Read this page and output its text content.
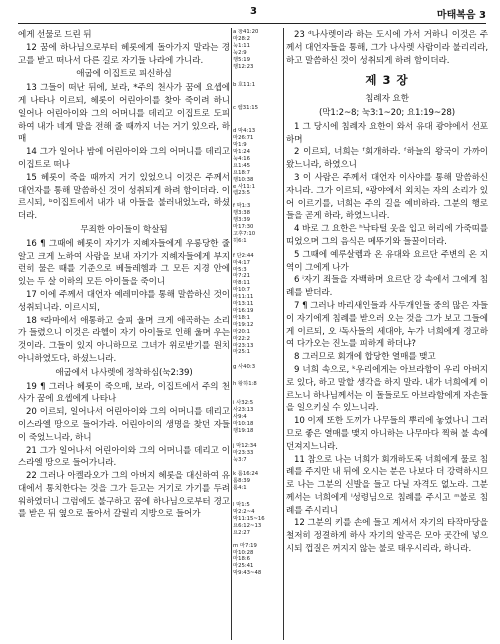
3	마태복음 3
에게 선물로 드린 뒤
12 꿈에 하나님으로부터 헤롯에게 돌아가지 말라는 경고를 받고 떠나서 다른 길로 자기들 나라에 가니라.
애굽에 이집트로 피신하심
13 그들이 떠난 뒤에, 보라, *주의 천사가 꿈에 요셉에게 나타나 이르되, 헤롯이 어린아이를 찾아 죽이려 하니 일어나 어린아이와 그의 어머니를 데리고 이집트로 도피하여 내가 네게 말을 전해 줄 때까지 너는 거기 있으라, 하매
14 그가 일어나 밤에 어린아이와 그의 어머니를 데리고 이집트로 떠나
15 헤롯이 죽을 때까지 거기 있었으니 이것은 주께서 대언자를 통해 말씀하신 것이 성취되게 하려 함이더라. 이르시되, ᵇ이집트에서 내가 내 아들을 불러내었노라, 하셨더라.
무죄한 아이들이 학살됨
16 ¶ 그때에 헤롯이 자기가 지혜자들에게 우롱당한 줄 알고 크게 노하여 사람을 보내 자기가 지혜자들에게 부지런히 물은 때를 기준으로 베들레헴과 그 모든 지경 안에 있는 두 살 이하의 모든 아이들을 죽이니
17 이에 주께서 대언자 예레미야를 통해 말씀하신 것이 성취되니라. 이르시되,
18 ᵍ라마에서 애통하고 슬피 울며 크게 애곡하는 소리가 들렸으니 이것은 라헬이 자기 아이들로 인해 울며 우는 것이라. 그들이 있지 아니하므로 그녀가 위로받기를 원치 아니하였도다, 하셨느니라.
애굽에서 나사렛에 정착하심(눅2:39)
19 ¶ 그러나 헤롯이 죽으매, 보라, 이집트에서 주의 천사가 꿈에 요셉에게 나타나
20 이르되, 일어나서 어린아이와 그의 어머니를 데리고 이스라엘 땅으로 들어가라. 어린아이의 생명을 찾던 자들이 죽었느니라, 하니
21 그가 일어나서 어린아이와 그의 어머니를 데리고 이스라엘 땅으로 들어가니라.
22 그러나 아켈라오가 그의 아버지 헤롯을 대신하여 유대에서 통치한다는 것을 그가 듣고는 거기로 가기를 두려워하였더니 그럼에도 불구하고 꿈에 하나님으로부터 경고를 받은 뒤 옆으로 돌아서 갈릴리 지방으로 들어가
a 창41:20
마28:2
눅1:11
눅2:9
행5:19
행12:23
b 호11:1
c 렘31:15
d 막4:13
마26:71
막1:9
막1:24
눅4:16
요1:45
요18:7
행10:38
e 사11:1
렘23:5
f 막1:3
행3:38
행3:39
마17:30
고후7:10
히6:1
f 단2:44
마4:17
마5:3
마7:21
마8:11
마10:7
마11:11
마13:11
마16:19
마18:1
마19:12
마20:1
마22:2
마23:13
마25:1
g 사40:3
h 왕하1:8
i 사32:5
사23:13
사9:4
마10:18
행19:18
j 막12:34
마23:33
눅3:7
k 롬16:24
롬8:39
롬4:1
l 막1:5
막2:2~4
막11:15~16
요6:12~13
요2:27
m 마7:19
마10:28
마18:6
마25:41
막9:43~48
23 ᵈ나사렛이라 하는 도시에 가서 거하니 이것은 주께서 대언자들을 통해, 그가 나사렛 사람이라 불리리라, 하고 말씀하신 것이 성취되게 하려 함이더라.
제 3 장
침례자 요한
(막1:2~8; 눅3:1~20; 요1:19~28)
1 그 당시에 침례자 요한이 와서 유대 광야에서 선포하며
2 이르되, 너희는 ᶠ회개하라. ᶠ하늘의 왕국이 가까이 왔느니라, 하였으니
3 이 사람은 주께서 대언자 이사야를 통해 말씀하신 자니라. 그가 이르되, ᵍ광야에서 외치는 자의 소리가 있어 이르기를, 너희는 주의 길을 예비하라. 그분의 행로들을 곧게 하라, 하였느니라.
4 바로 그 요한은 ʰ낙타털 옷을 입고 허리에 가죽띠를 띠었으며 그의 음식은 메뚜기와 들꿀이더라.
5 그때에 예루살렘과 온 유대와 요르단 주변의 온 지역이 그에게 나가
6 ⁱ자기 죄들을 자백하며 요르단 강 속에서 그에게 침례를 받더라.
7 ¶ 그러나 바리새인들과 사두개인들 중의 많은 자들이 자기에게 침례를 받으러 오는 것을 그가 보고 그들에게 이르되, 오 ʲ독사들의 세대야, 누가 너희에게 경고하여 다가오는 진노를 피하게 하더냐?
8 그러므로 회개에 합당한 열매를 맺고
9 너희 속으로, ᵏ우리에게는 아브라함이 우리 아버지로 있다, 하고 말할 생각을 하지 말라. 내가 너희에게 이르노니 하나님께서는 이 돌들로도 아브라함에게 자손들을 일으키실 수 있느니라.
10 이제 또한 도끼가 나무들의 뿌리에 놓였나니 그러므로 좋은 열매를 맺지 아니하는 나무마다 찍혀 불 속에 던져지느니라.
11 참으로 나는 너희가 회개하도록 너희에게 물로 침례를 주지만 내 뒤에 오시는 분은 나보다 더 강력하시므로 나는 그분의 신발을 들고 다닐 자격도 없노라. 그분께서는 너희에게 ˡ성령님으로 침례를 주시고 ᵐ불로 침례를 주시리니
12 그분의 키를 손에 들고 계셔서 자기의 타작마당을 철저히 정결하게 하사 자기의 알곡은 모아 곳간에 넣으시되 껍질은 꺼지지 않는 불로 태우시리라, 하니라.
